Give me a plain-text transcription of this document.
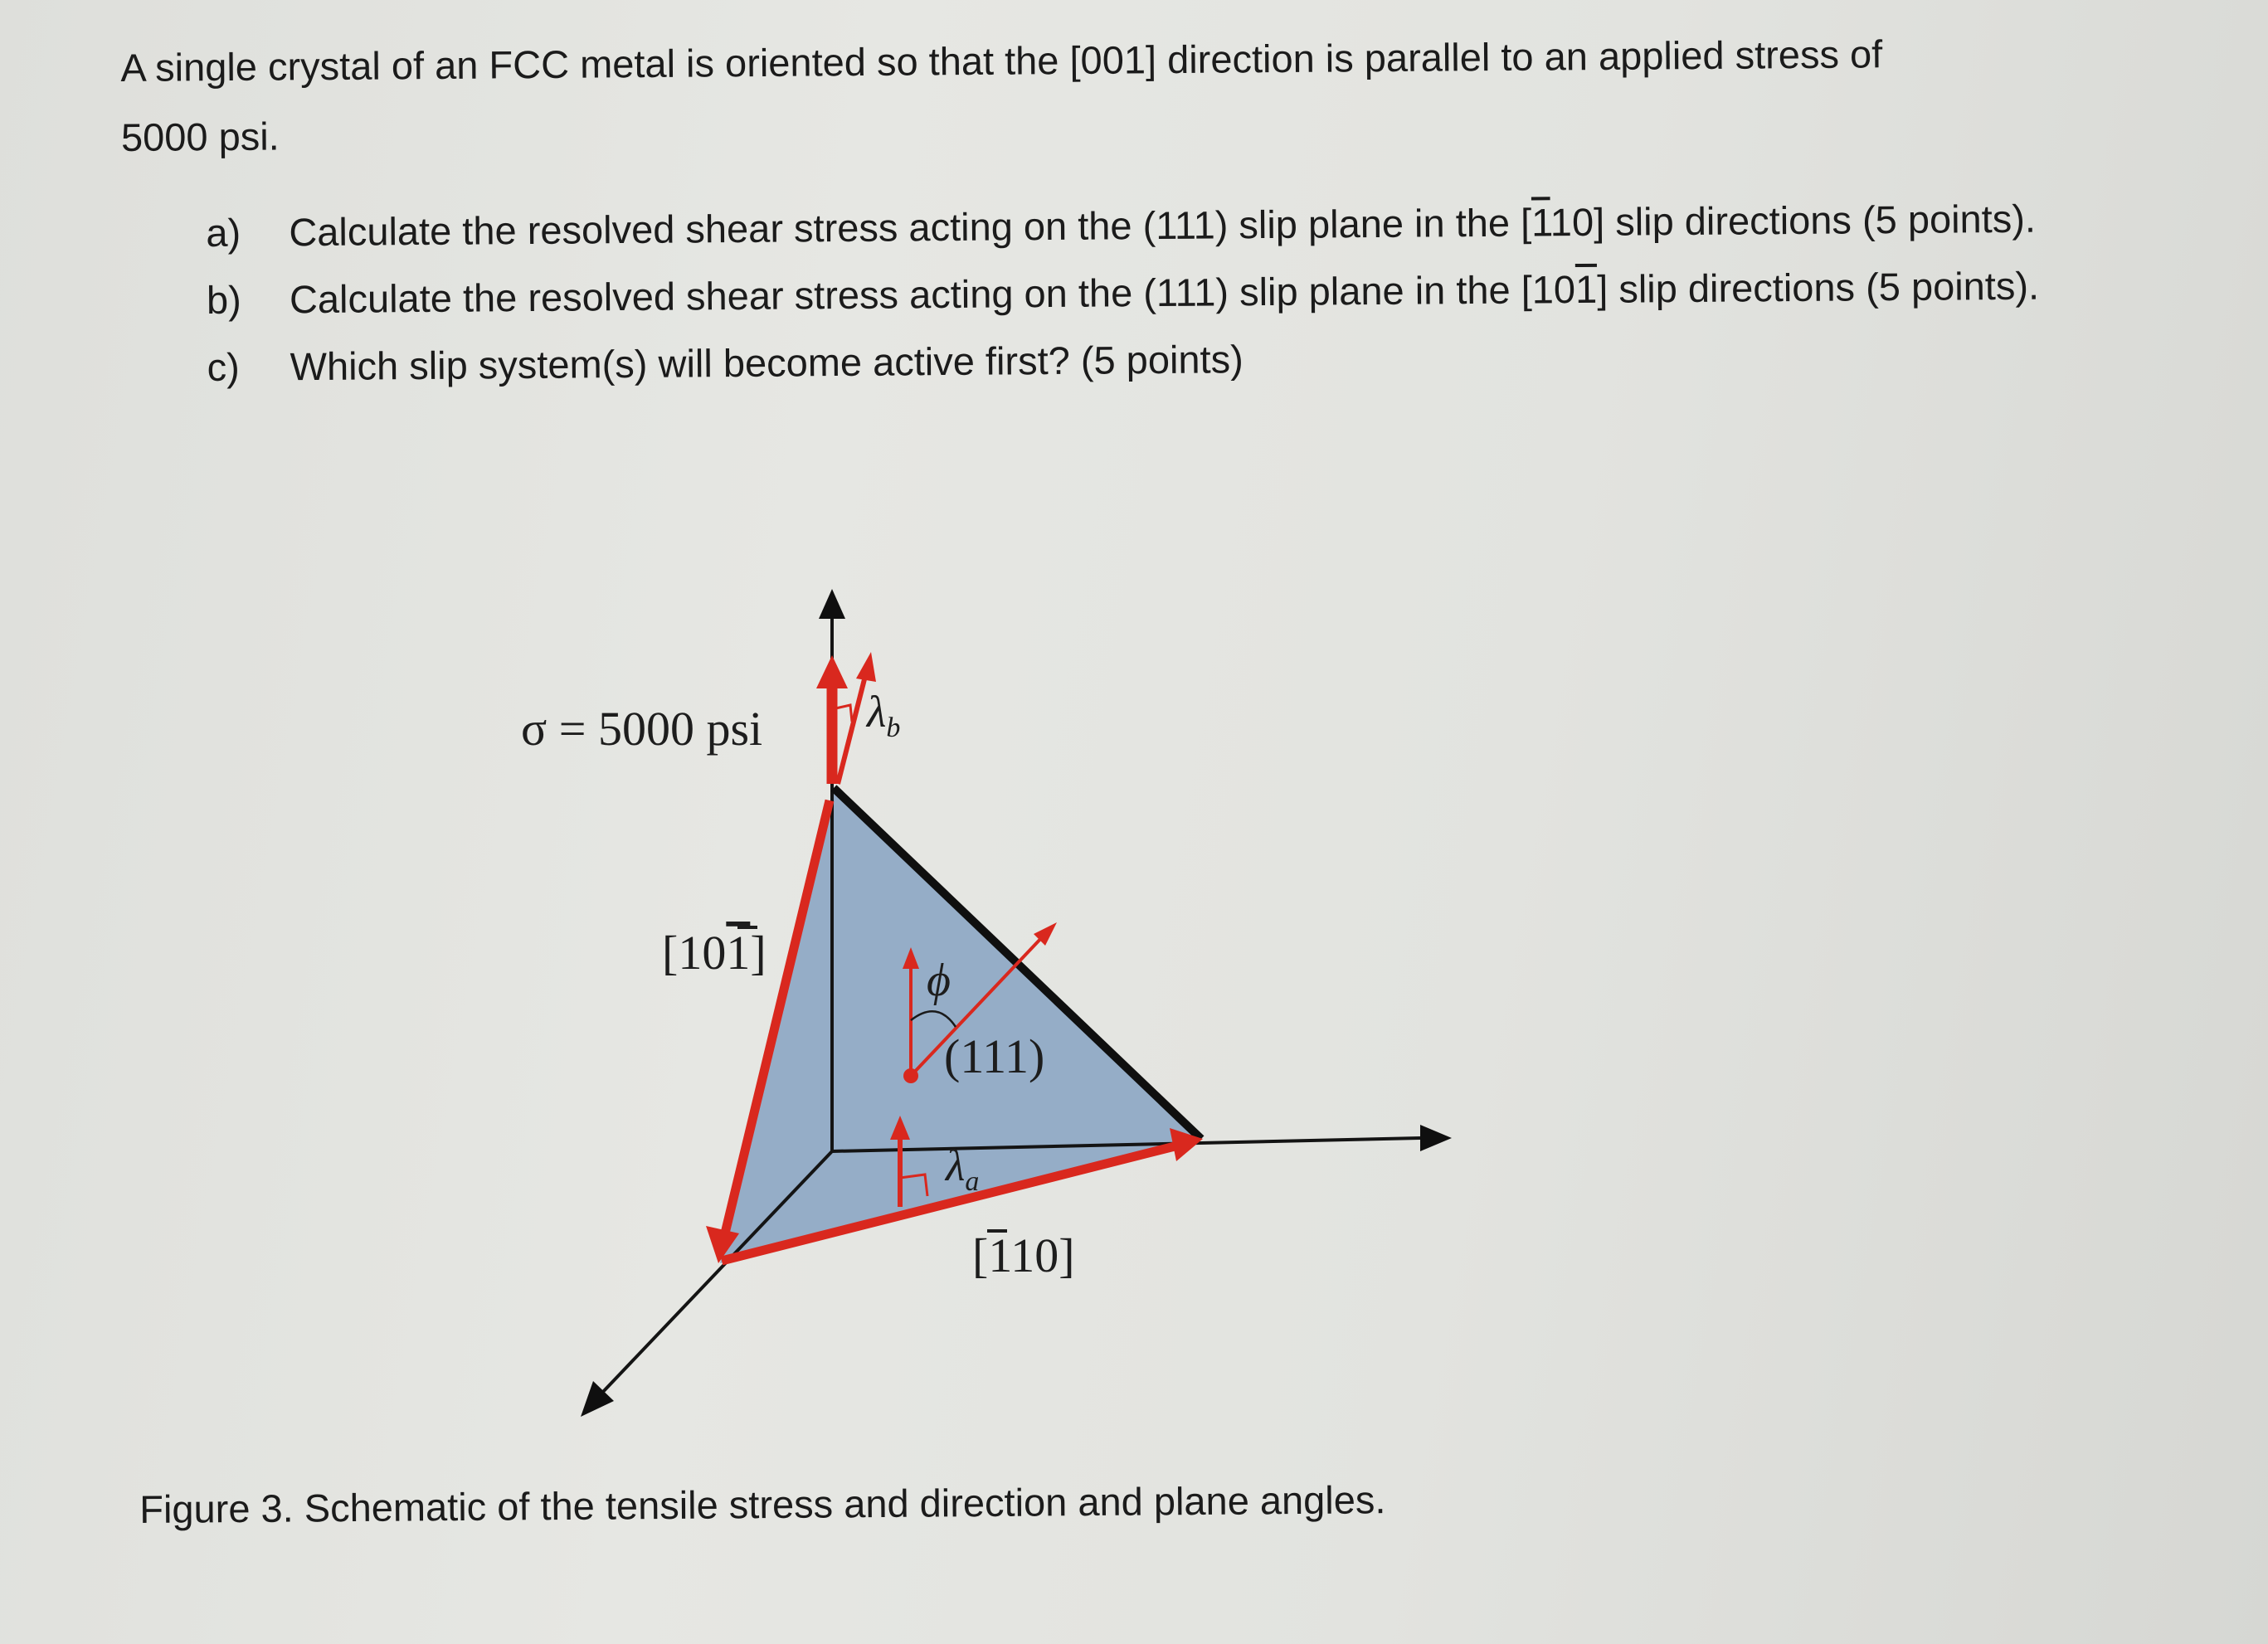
A single crystal of an FCC metal is oriented so that the [001] direction is parallel to an applied stress of
5000 psi.
a) Calculate the resolved shear stress acting on the (111) slip plane in the [110] slip directions (5 points).
b) Calculate the resolved shear stress acting on the (111) slip plane in the [101] slip directions (5 points).
c) Which slip system(s) will become active first? (5 points)
σ = 5000 psi $\lambda_b$
[101]
ϕ
(111)
$\lambda_a$
[110]
Figure 3. Schematic of the tensile stress and direction and plane angles.
